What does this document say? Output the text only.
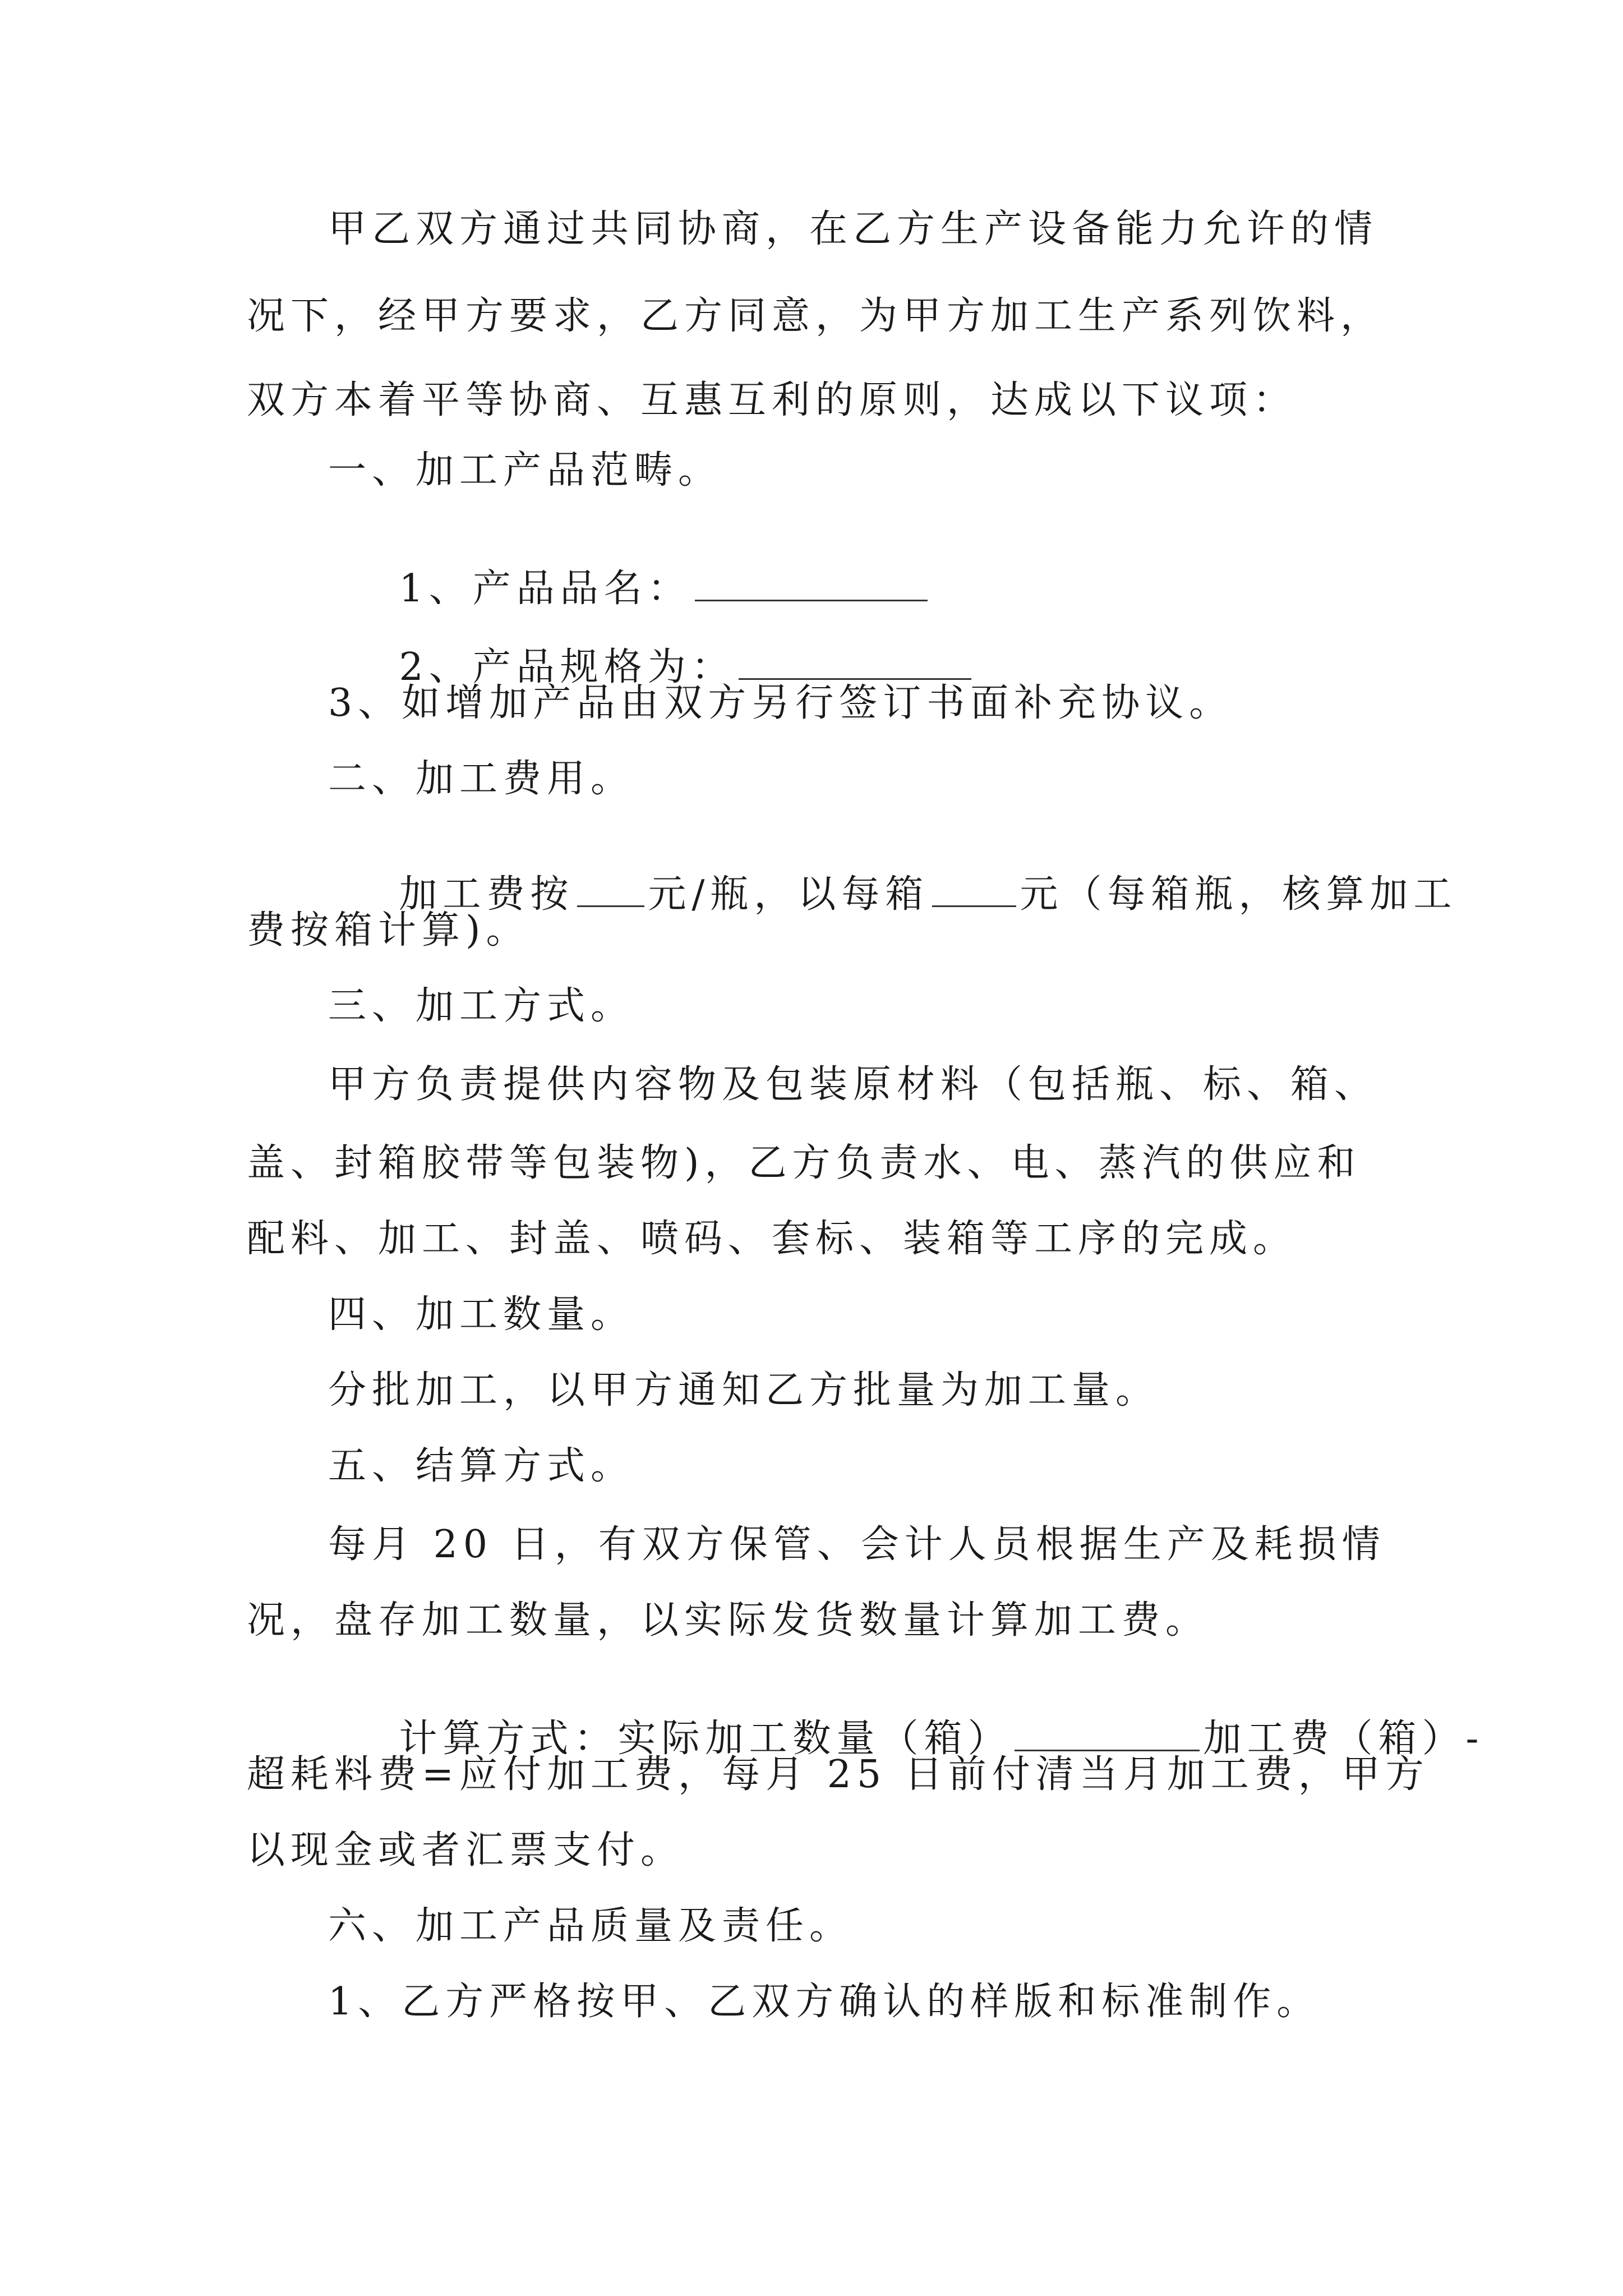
甲乙双方通过共同协商，在乙方生产设备能力允许的情
况下，经甲方要求，乙方同意，为甲方加工生产系列饮料，
双方本着平等协商、互惠互利的原则，达成以下议项：
一、加工产品范畴。

1、产品品名：

2、产品规格为：

3、如增加产品由双方另行签订书面补充协议。
二、加工费用。

加工费按 元/瓶，以每箱 元（每箱瓶，核算加工

费按箱计算)。
三、加工方式。
甲方负责提供内容物及包装原材料（包括瓶、标、箱、
盖、封箱胶带等包装物)，乙方负责水、电、蒸汽的供应和
配料、加工、封盖、喷码、套标、装箱等工序的完成。
四、加工数量。
分批加工，以甲方通知乙方批量为加工量。
五、结算方式。
每月 20 日，有双方保管、会计人员根据生产及耗损情
况，盘存加工数量，以实际发货数量计算加工费。

计算方式：实际加工数量（箱）	加工费（箱）-

超耗料费=应付加工费，每月 25 日前付清当月加工费，甲方
以现金或者汇票支付。
六、加工产品质量及责任。
1、乙方严格按甲、乙双方确认的样版和标准制作。
